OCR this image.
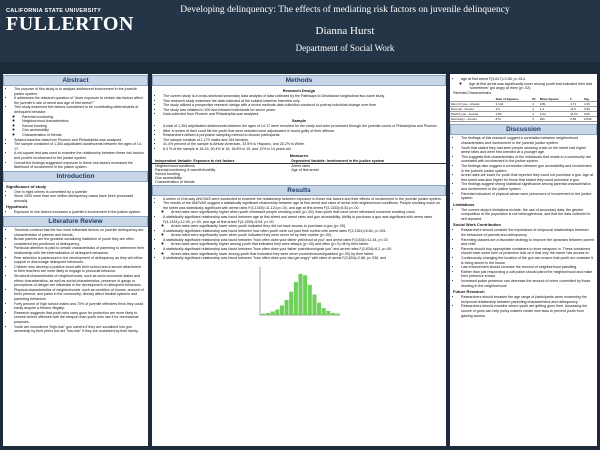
CALIFORNIA STATE UNIVERSITY
FULLERTON
Developing delinquency: The effects of mediating risk factors on juvenile delinquency
Dianna Hurst
Department of Social Work
Abstract
• The purpose of this study is to analyze adolescent involvement in the juvenile justice system.
• It addresses the research question of "does exposure to certain risk factors affect the juvenile's rate of arrest and age of first arrest?"
• This study examined five factors considered to be contributing determinants of delinquent behavior:
◦ Parental monitoring
◦ Neighborhood characteristics
◦ School bonding
◦ Gun accessibility
◦ Characteristics of friends
• Subject-baseline data from Phoenix and Philadelphia was analyzed.
• The sample consisted of 1,354 adjudicated adolescents between the ages of 14-17.
• A chi-square test was used to examine the relationship between these risk factors and youth's involvement in the justice system.
• Overall the findings suggested exposure to these risk factors increased the likelihood of involvement in the justice system.
Introduction
Significance of study
• One in eight crimes is committed by a juvenile
• Since 1993 more than one million delinquency cases have been processed annually
Hypothesis
• Exposure to risk factors increases a juvenile's involvement in the justice system.
Literature Review
• Theorists contend that the two most influential factors on juvenile delinquency are characteristics of parents and friends.
• Brown parents are the greatest socializing institution of youth they are often considered key predictors of delinquency.
• Particular attention is paid to certain characteristics of parenting to determine their relationship with the externalization of delinquent behaviors.
• Peer selection is paramount in the development of delinquency as they will either support or discourage delinquent behaviors.
• Children who develop a positive bond with their school and a secure attachment to their teachers are more likely to engage in prosocial behavior.
• Structural characteristics of neighborhoods, such as socio-economic status and ethnic characteristics, as well as social characteristics, presence of gangs or perceptions of danger are influential in the development of delinquent behaviors.
• Physical characteristics of neighborhoods, such as condition of homes, amount of trees present, and parks in the community, directly affect familial systems and parenting behaviors.
• Forty percent of high school males and 70% of juvenile offenders think they could easily acquire a firearm illegally.
• Research suggests that youth who carry guns for protection are more likely to commit violent offenses with the weapon than youth who use it for recreational purposes.
• Youth are considered "high-risk" gun owners if they are socialized into gun ownership by their peers but are "low-risk" if they are socialized by their family.
Methods
Research Design
• The current study is a cross-sectional secondary data analysis of data collected by the Pathways to Desistance longitudinal two-wave study.
• This research study examines the data collected at the subject-baseline interview only.
• The study utilized a prospective research design with a mixed methods data collection construct to portray individual change over time.
• The study was initiated in 200 and followed individuals for seven years.
• Data collected from Phoenix and Philadelphia was analyzed.
Sample
• A total of 1,354 adjudicated adolescents between the ages of 14-17 were recruited for the study and were processed through the juvenile courts of Philadelphia and Phoenix.
• After a review of their court file the youth that were selected were adjudicated or found guilty of their offense.
• Researchers utilized a purposive sampling method to choose participants.
• The sample consists of 1,170 males and 184 females.
• 41.4% percent of the sample is African American, 33.5% is Hispanic, and 20.2% is White.
• 8.3 % of the sample is 18-19, 30.4% is 16, 18.8% is 15, and 12% is 14 years old.
Measures
Independent Variable: Exposure to risk factors	Dependent Variable: Involvement in the justice system
Neighborhood conditions	Arrest rates
Parental monitoring & warmth/hostility	Age of first arrest
School bonding	
Gun accessibility	
Characteristics of friends	
Results
• A series of One-way ANOVAS were conducted to examine the relationship between exposure to these risk factors and their effects of involvement in the juvenile justice system.
• The results of the ANOVAS suggest a statistically significant relationship between age at first arrest and rates of arrest with neighborhood conditions. People smoking crack on the street was statistically significant with arrest rates F(3,1345)=11.124,p<.00, and age at first arrest F(3,1333)=6.52,p<.00.
◦ Arrest rates were significantly higher when youth witnessed people smoking crack (p<.00), than youth that have never witnessed someone smoking crack.
• A statistically significant relationship was found between age at first arrest and arrest rates and gun accessibility. Ability to purchase a gun was significant with arrest rates F(4,1334)=12.99, p<.00, and age at first arrest F(4,1309)=5.54, p<.00.
◦ Arrest rates were significantly lower when youth indicated they did not have access to purchase a gun (p<.00).
• A statistically significant relationship was found between how often youth were out past their curfew with arrest rates F(3,1351)=5.84, p<.001.
◦ Arrest rated were significantly lower when youth indicated they were never hit by their mother (p<.00).
• A statistically significant relationship was found between "how often does your father yell/shout at you" and arrest rates F(3,834)=11.54, p<.00.
◦ Arrest rates were significantly higher among youth that indicated they were always (p<.00) and often (p<.5) hit by their father.
• A statistically significant relationship was found between "how often does your father push/shove/grab you" and arrest rates F(3,834)=8.2, p<.00.
◦ Arrest rates were significantly lower among youth that indicated they were never pushed/shoved/grabbed (p<.00) by their father.
• A statistically significant relationship was found between "how often does your dad get angry" with rates of arrest F(3,834)=2.86, p<.036, and
• age at first arrest F(3,817)=3.58, p<.014.
◦ Age at first arrest was significantly lower among youth that indicated their dad "sometimes" got angry at them (p<.02).
Parental Characteristics
	Sum of Squares	Df	Mean Square	F	Sig.
Mom hit you - Arrests	1.144	3	3.81	4.71	4.45
Dad yell - Arrests	3.9	3	1.3	11.5	0.00
Dad hit you - Arrests	2.83	3	9.44	11.54	0.00
Dad angry - Arrests	874	3	291	2.86	0.036
Discussion
• The findings of this research suggest a correlation between neighborhood characteristics and involvement in the juvenile justice system.
• Youth that stated they had seen people smoking crack on the street had higher arrest rates and were first arrested at a younger age.
• This suggests that characteristics of the individuals that reside in a community are correlated with involvement in the justice system.
• The findings also suggest a correlation between gun accessibility and involvement in the juvenile justice system.
• Arrest rates are lower for youth that reported they could not purchase a gun. Age at first arrest was also higher for those that stated they could purchase a gun.
• The findings suggest strong statistical significance among parental characteristics and involvement in the justice system.
• Parental indicators of physical abuse were precursors of involvement in the justice system.
Limitations
• The current study's limitations include: the use of secondary data, the gender composition of the population is not heterogeneous, and that the data collected is self-reported.
Social Work Contribution
• Researchers should consider the importance of reciprocal relationships between the behaviors of parents and delinquency.
• Parenting classes are a favorable strategy to improve the dynamics between parent and child.
• Parents should buy appropriate containers to store weapons in. These containers should have some form of protective lock on it that only the owner has access to.
• Continuously changing the location of the gun can ensure that youth are unaware it is being stored in the house.
• Law enforcement should increase the amount of neighborhood patrolling.
• Rather than just responding a call police should patrol the neighborhood and make their presence known.
• Increased police presence can decrease the amount of crime committed by those residing in the neighborhood.
Future Research
• Researchers should broaden the age range of participants when examining the reciprocal relationship between parenting characteristics and delinquency.
• Researchers should examine where youth are getting guns from. Assessing the source of guns can help policy makers create new laws to prevent youth from gaining access.
